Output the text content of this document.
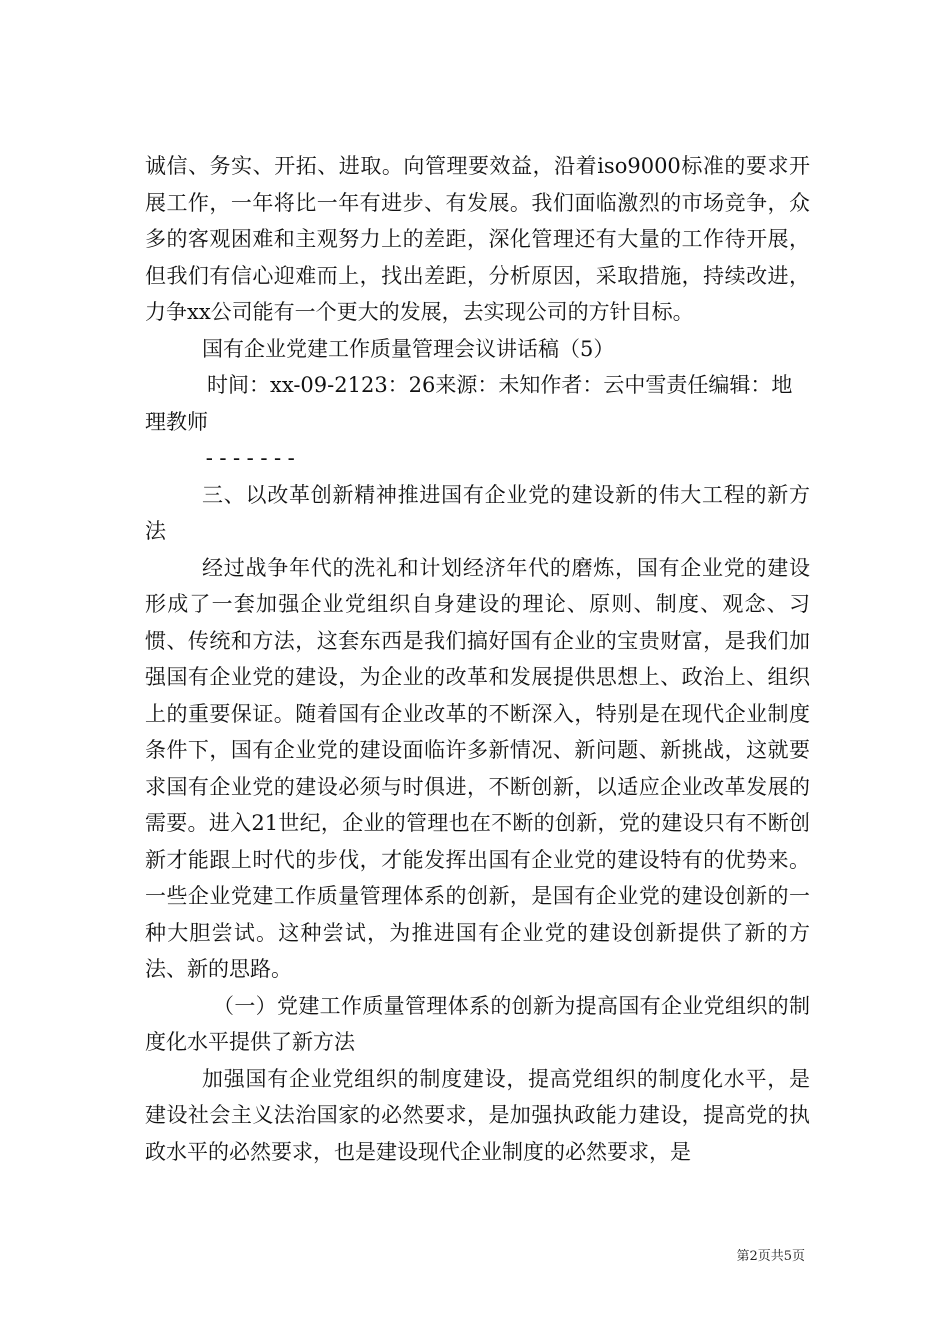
诚信、务实、开拓、进取。向管理要效益，沿着iso9000标准的要求开展工作，一年将比一年有进步、有发展。我们面临激烈的市场竞争，众多的客观困难和主观努力上的差距，深化管理还有大量的工作待开展，但我们有信心迎难而上，找出差距，分析原因，采取措施，持续改进，力争xx公司能有一个更大的发展，去实现公司的方针目标。

国有企业党建工作质量管理会议讲话稿（5）

时间：xx-09-2123：26来源：未知作者：云中雪责任编辑：地理教师

-------

三、以改革创新精神推进国有企业党的建设新的伟大工程的新方法

经过战争年代的洗礼和计划经济年代的磨炼，国有企业党的建设形成了一套加强企业党组织自身建设的理论、原则、制度、观念、习惯、传统和方法，这套东西是我们搞好国有企业的宝贵财富，是我们加强国有企业党的建设，为企业的改革和发展提供思想上、政治上、组织上的重要保证。随着国有企业改革的不断深入，特别是在现代企业制度条件下，国有企业党的建设面临许多新情况、新问题、新挑战，这就要求国有企业党的建设必须与时俱进，不断创新，以适应企业改革发展的需要。进入21世纪，企业的管理也在不断的创新，党的建设只有不断创新才能跟上时代的步伐，才能发挥出国有企业党的建设特有的优势来。一些企业党建工作质量管理体系的创新，是国有企业党的建设创新的一种大胆尝试。这种尝试，为推进国有企业党的建设创新提供了新的方法、新的思路。

（一）党建工作质量管理体系的创新为提高国有企业党组织的制度化水平提供了新方法

加强国有企业党组织的制度建设，提高党组织的制度化水平，是建设社会主义法治国家的必然要求，是加强执政能力建设，提高党的执政水平的必然要求，也是建设现代企业制度的必然要求，是

第2页共5页
